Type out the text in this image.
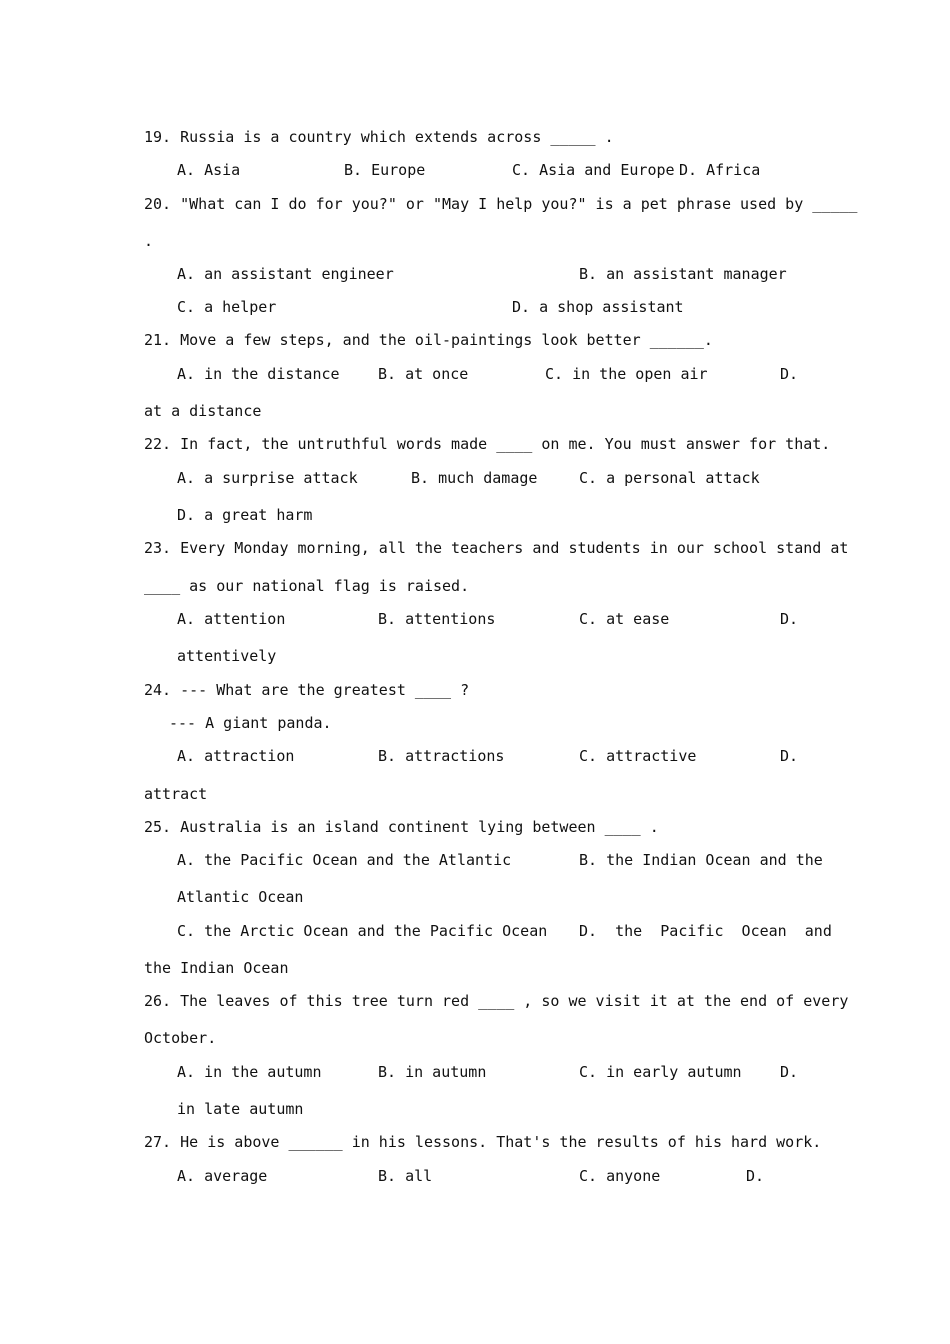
19. Russia is a country which extends across _____ .
A. Asia	B. Europe	C. Asia and Europe D. Africa
20. "What can I do for you?" or "May I help you?" is a pet phrase used by _____
.
A. an assistant engineer	B. an assistant manager
C. a helper	D. a shop assistant
21. Move a few steps, and the oil-paintings look better ______.
A. in the distance	B. at once	C. in the open air	D.
at a distance
22. In fact, the untruthful words made ____ on me. You must answer for that.
A. a surprise attack	B. much damage	C. a personal attack
D. a great harm
23. Every Monday morning, all the teachers and students in our school stand at
____ as our national flag is raised.
A. attention	B. attentions	C. at ease	D.
attentively
24. --- What are the greatest ____ ?
--- A giant panda.
A. attraction	B. attractions	C. attractive	D.
attract
25. Australia is an island continent lying between ____ .
A. the Pacific Ocean and the Atlantic	B. the Indian Ocean and the
Atlantic Ocean
C. the Arctic Ocean and the Pacific Ocean D.  the  Pacific  Ocean  and
the Indian Ocean
26. The leaves of this tree turn red ____ , so we visit it at the end of every
October.
A. in the autumn	B. in autumn	C. in early autumn	D.
in late autumn
27. He is above ______ in his lessons. That's the results of his hard work.
A. average	B. all	C. anyone	D.
